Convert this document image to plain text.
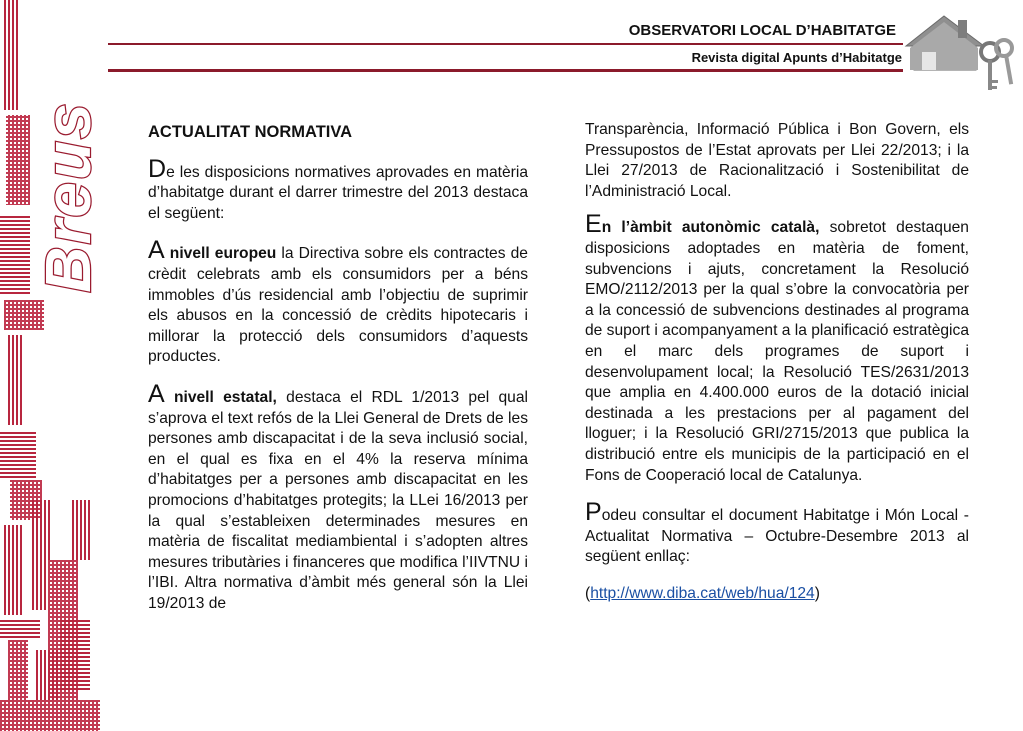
Breus
OBSERVATORI LOCAL D’HABITATGE
Revista digital Apunts d’Habitatge

ACTUALITAT NORMATIVA

De les disposicions normatives aprovades en matèria d’habitatge durant el darrer trimestre del 2013 destaca el següent:

A nivell europeu la Directiva sobre els contractes de crèdit celebrats amb els consumidors per a béns immobles d’ús residencial amb l’objectiu de suprimir els abusos en la concessió de crèdits hipotecaris i millorar la protecció dels consumidors d’aquests productes.

A nivell estatal, destaca el RDL 1/2013 pel qual s’aprova el text refós de la Llei General de Drets de les persones amb discapacitat i de la seva inclusió social, en el qual es fixa en el 4% la reserva mínima d’habitatges per a persones amb discapacitat en les promocions d’habitatges protegits; la LLei 16/2013 per la qual s’estableixen determinades mesures en matèria de fiscalitat mediambiental i s’adopten altres mesures tributàries i financeres que modifica l’IIVTNU i l’IBI. Altra normativa d’àmbit més general són la Llei 19/2013 de

Transparència, Informació Pública i Bon Govern, els Pressupostos de l’Estat aprovats per Llei 22/2013; i la Llei 27/2013 de Racionalització i Sostenibilitat de l’Administració Local.

En l’àmbit autonòmic català, sobretot destaquen disposicions adoptades en matèria de foment, subvencions i ajuts, concretament la Resolució EMO/2112/2013 per la qual s’obre la convocatòria per a la concessió de subvencions destinades al programa de suport i acompanyament a la planificació estratègica en el marc dels programes de suport i desenvolupament local; la Resolució TES/2631/2013 que amplia en 4.400.000 euros de la dotació inicial destinada a les prestacions per al pagament del lloguer; i la Resolució GRI/2715/2013 que publica la distribució entre els municipis de la participació en el Fons de Cooperació local de Catalunya.

Podeu consultar el document Habitatge i Món Local - Actualitat Normativa – Octubre-Desembre 2013 al següent enllaç:

(http://www.diba.cat/web/hua/124)
